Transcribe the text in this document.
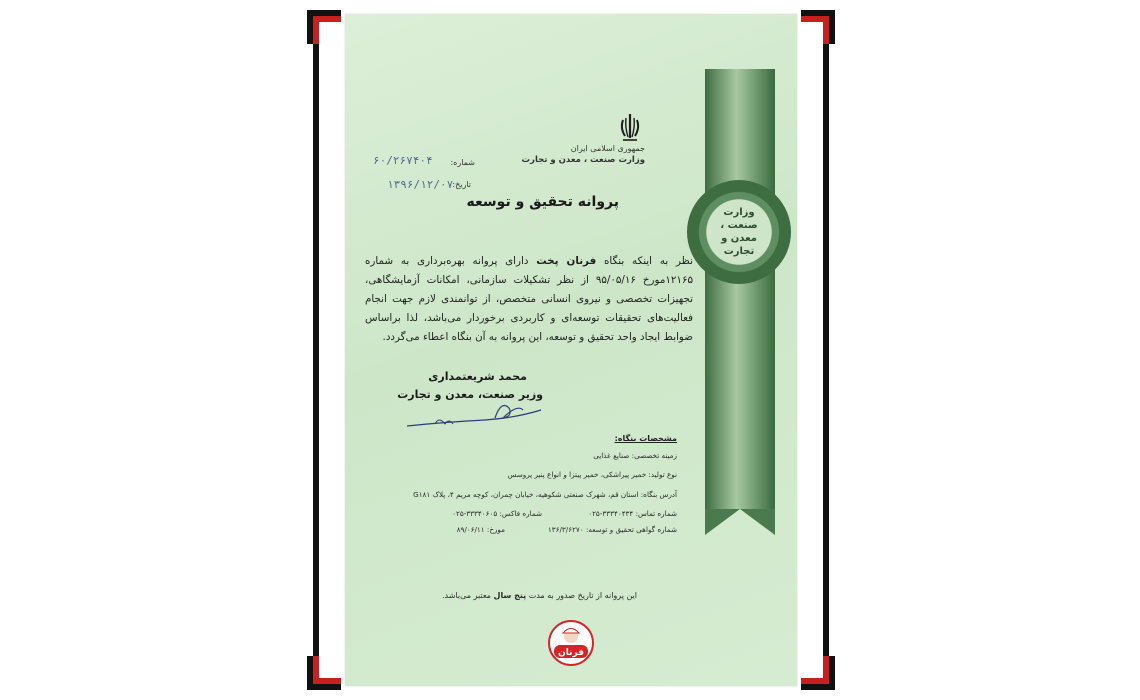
وزارت صنعت ، معدن و تجارت
جمهوری اسلامی ایران
وزارت صنعت ، معدن و تجارت
شماره:
۶۰/۲۶۷۴۰۴
تاریخ:
۱۳۹۶/۱۲/۰۷
پروانه تحقیق و توسعه
نظر به اینکه بنگاه فرنان پخت دارای پروانه بهره‌برداری به شماره ۱۲۱۶۵مورخ ۹۵/۰۵/۱۶ از نظر تشکیلات سازمانی، امکانات آزمایشگاهی، تجهیزات تخصصی و نیروی انسانی متخصص، از توانمندی لازم جهت انجام فعالیت‌های تحقیقات توسعه‌ای و کاربردی برخوردار می‌باشد، لذا براساس ضوابط ایجاد واحد تحقیق و توسعه، این پروانه به آن بنگاه اعطاء می‌گردد.
محمد شریعتمداری
وزیر صنعت، معدن و تجارت
مشخصات بنگاه:
زمینه تخصصی: صنایع غذایی
نوع تولید: خمیر پیراشکی، خمیر پیتزا و انواع پنیر پروسس
آدرس بنگاه: استان قم، شهرک صنعتی شکوهیه، خیابان چمران، کوچه مریم ۴، پلاک G۱۸۱
شماره تماس: ۳۳۳۴۰۴۳۴-۰۲۵
شماره فاکس: ۳۳۳۴۰۶۰۵-۰۲۵
شماره گواهی تحقیق و توسعه: ۱۳۶/۳/۶۲۷۰
مورخ: ۸۹/۰۶/۱۱
این پروانه از تاریخ صدور به مدت پنج سال معتبر می‌باشد.
فرنان
